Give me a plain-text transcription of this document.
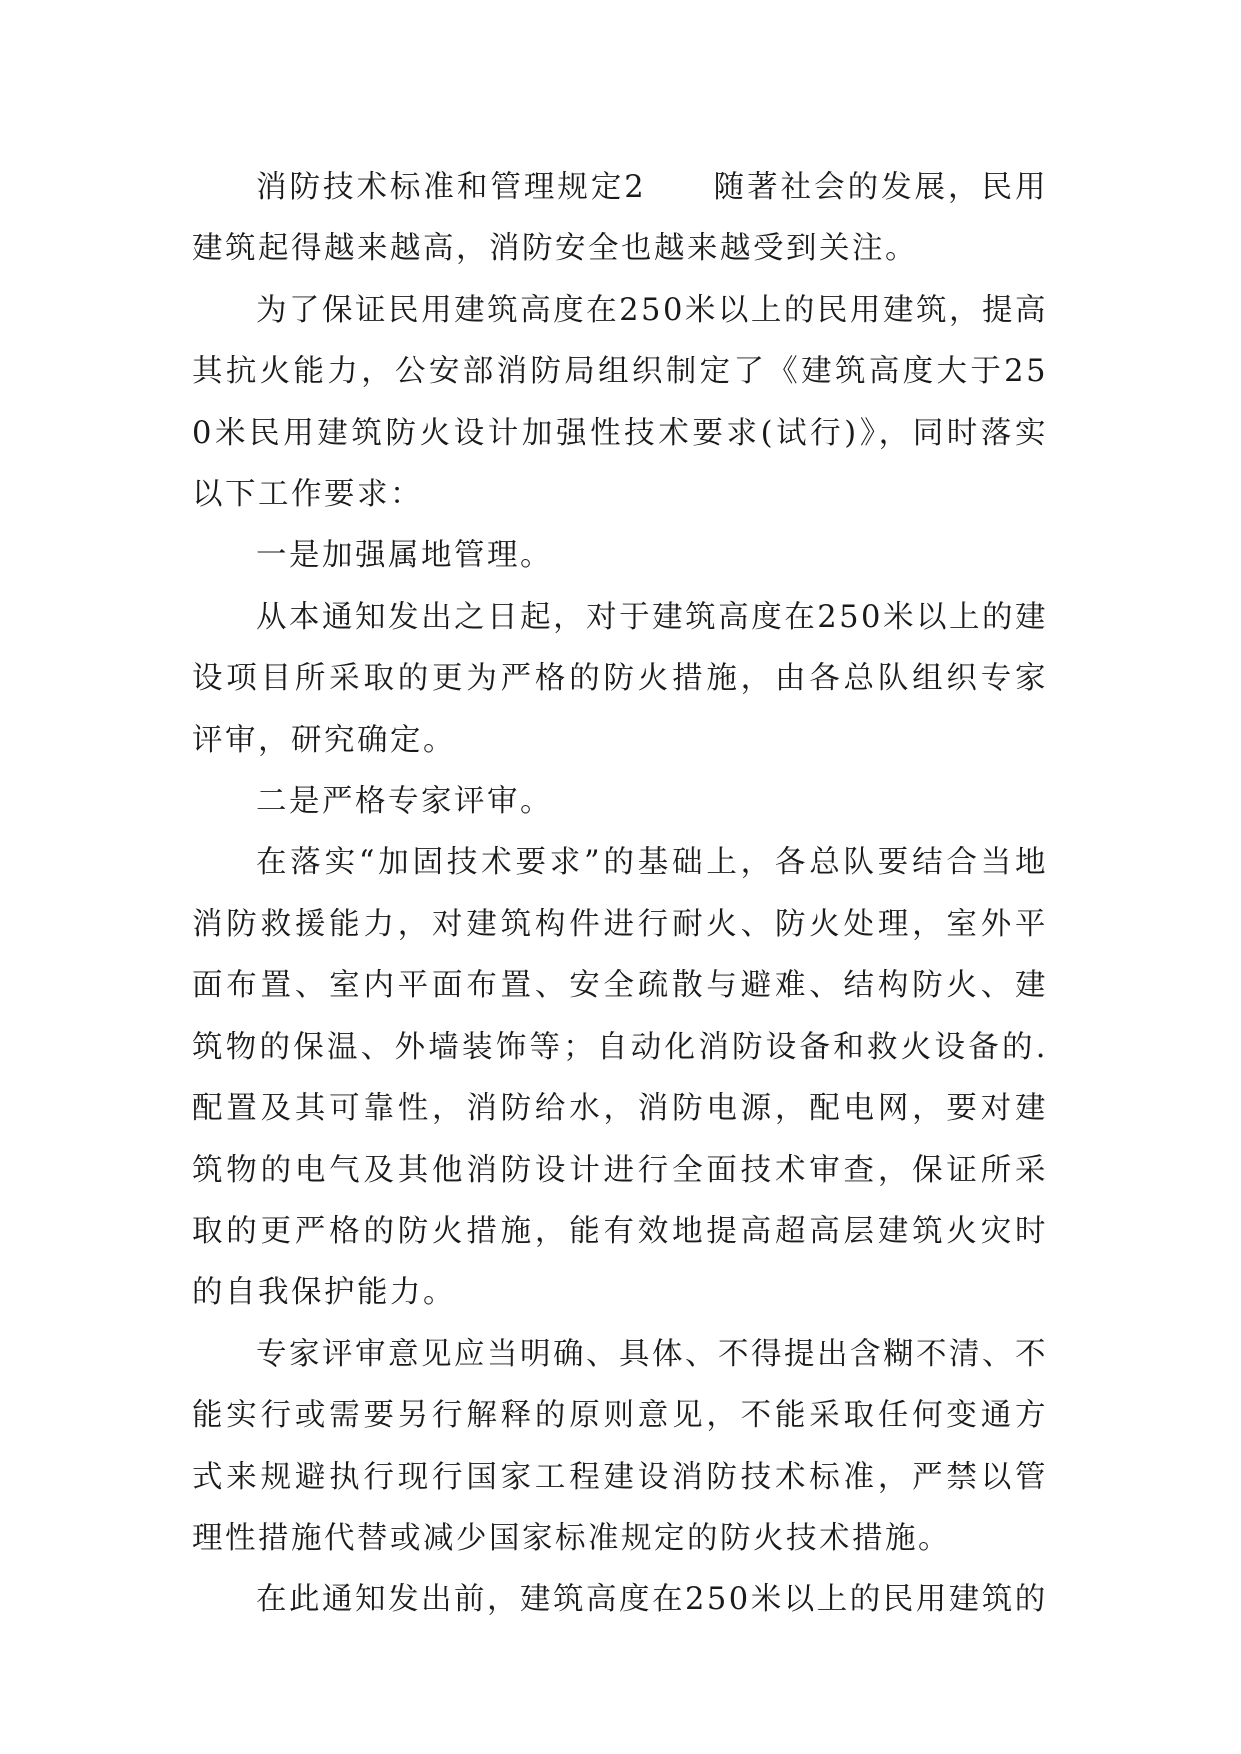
消防技术标准和管理规定2　　随著社会的发展，民用建筑起得越来越高，消防安全也越来越受到关注。

为了保证民用建筑高度在250米以上的民用建筑，提高其抗火能力，公安部消防局组织制定了《建筑高度大于250米民用建筑防火设计加强性技术要求(试行)》，同时落实以下工作要求：

一是加强属地管理。

从本通知发出之日起，对于建筑高度在250米以上的建设项目所采取的更为严格的防火措施，由各总队组织专家评审，研究确定。

二是严格专家评审。

在落实“加固技术要求”的基础上，各总队要结合当地消防救援能力，对建筑构件进行耐火、防火处理，室外平面布置、室内平面布置、安全疏散与避难、结构防火、建筑物的保温、外墙装饰等；自动化消防设备和救火设备的.配置及其可靠性，消防给水，消防电源，配电网，要对建筑物的电气及其他消防设计进行全面技术审查，保证所采取的更严格的防火措施，能有效地提高超高层建筑火灾时的自我保护能力。

专家评审意见应当明确、具体、不得提出含糊不清、不能实行或需要另行解释的原则意见，不能采取任何变通方式来规避执行现行国家工程建设消防技术标准，严禁以管理性措施代替或减少国家标准规定的防火技术措施。

在此通知发出前，建筑高度在250米以上的民用建筑的
